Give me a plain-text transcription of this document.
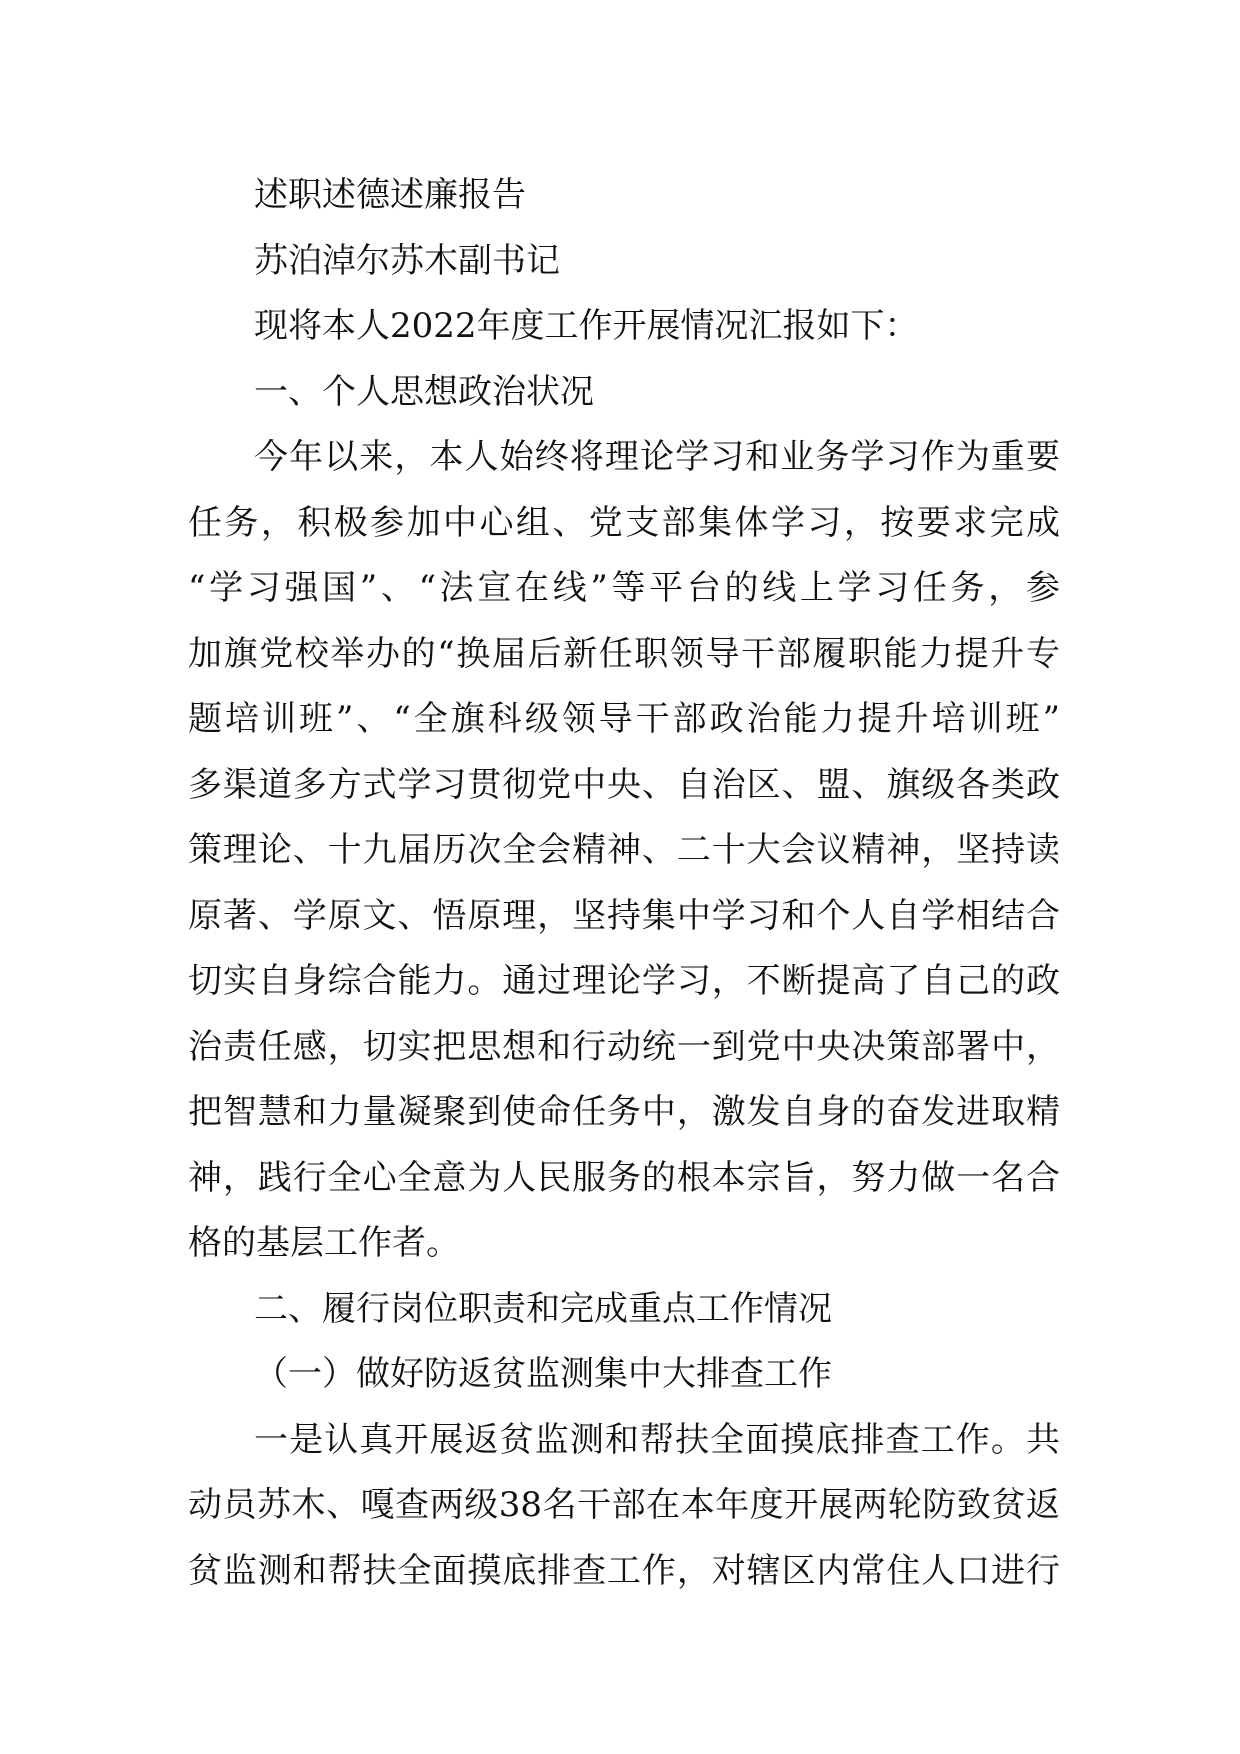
述职述德述廉报告
苏泊淖尔苏木副书记
现将本人2022年度工作开展情况汇报如下：
一、个人思想政治状况
今年以来，本人始终将理论学习和业务学习作为重要
任务，积极参加中心组、党支部集体学习，按要求完成
“学习强国”、“法宣在线”等平台的线上学习任务，参
加旗党校举办的“换届后新任职领导干部履职能力提升专
题培训班”、“全旗科级领导干部政治能力提升培训班”
多渠道多方式学习贯彻党中央、自治区、盟、旗级各类政
策理论、十九届历次全会精神、二十大会议精神，坚持读
原著、学原文、悟原理，坚持集中学习和个人自学相结合
切实自身综合能力。通过理论学习，不断提高了自己的政
治责任感，切实把思想和行动统一到党中央决策部署中，
把智慧和力量凝聚到使命任务中，激发自身的奋发进取精
神，践行全心全意为人民服务的根本宗旨，努力做一名合
格的基层工作者。
二、履行岗位职责和完成重点工作情况
（一）做好防返贫监测集中大排查工作
一是认真开展返贫监测和帮扶全面摸底排查工作。共
动员苏木、嘎查两级38名干部在本年度开展两轮防致贫返
贫监测和帮扶全面摸底排查工作，对辖区内常住人口进行
